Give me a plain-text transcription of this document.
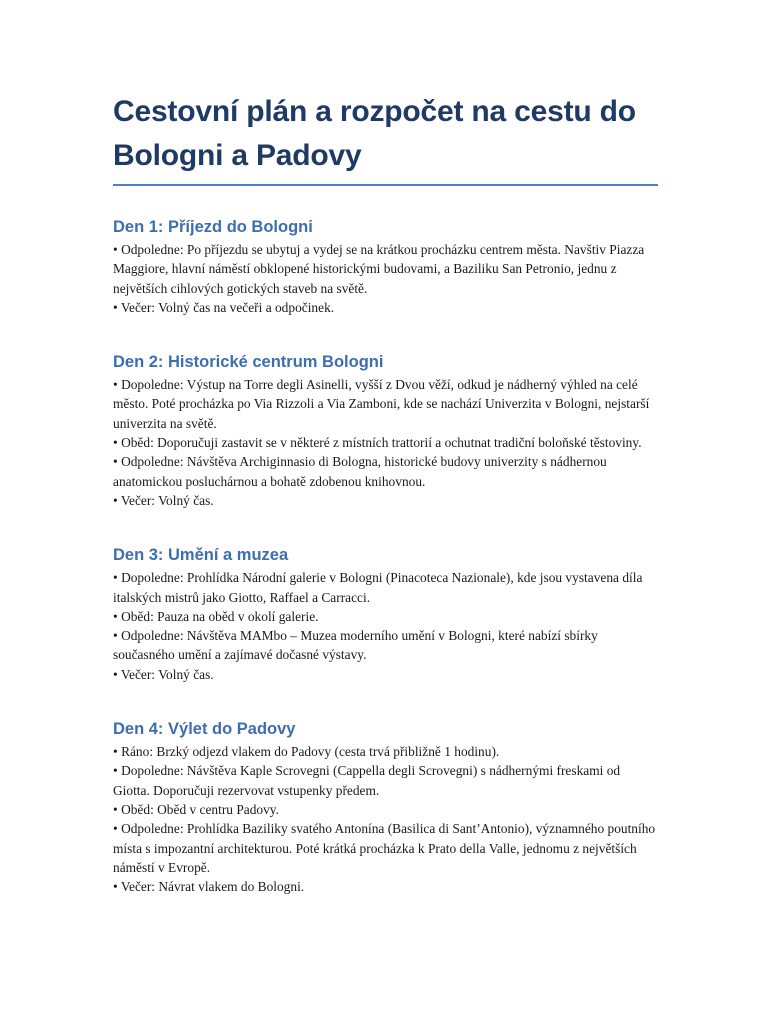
Cestovní plán a rozpočet na cestu do Bologni a Padovy
Den 1: Příjezd do Bologni
• Odpoledne: Po příjezdu se ubytuj a vydej se na krátkou procházku centrem města. Navštiv Piazza Maggiore, hlavní náměstí obklopené historickými budovami, a Baziliku San Petronio, jednu z největších cihlových gotických staveb na světě.
• Večer: Volný čas na večeři a odpočinek.
Den 2: Historické centrum Bologni
• Dopoledne: Výstup na Torre degli Asinelli, vyšší z Dvou věží, odkud je nádherný výhled na celé město. Poté procházka po Via Rizzoli a Via Zamboni, kde se nachází Univerzita v Bologni, nejstarší univerzita na světě.
• Oběd: Doporučuji zastavit se v některé z místních trattorií a ochutnat tradiční boloňské těstoviny.
• Odpoledne: Návštěva Archiginnasio di Bologna, historické budovy univerzity s nádhernou anatomickou posluchárnou a bohatě zdobenou knihovnou.
• Večer: Volný čas.
Den 3: Umění a muzea
• Dopoledne: Prohlídka Národní galerie v Bologni (Pinacoteca Nazionale), kde jsou vystavena díla italských mistrů jako Giotto, Raffael a Carracci.
• Oběd: Pauza na oběd v okolí galerie.
• Odpoledne: Návštěva MAMbo – Muzea moderního umění v Bologni, které nabízí sbírky současného umění a zajímavé dočasné výstavy.
• Večer: Volný čas.
Den 4: Výlet do Padovy
• Ráno: Brzký odjezd vlakem do Padovy (cesta trvá přibližně 1 hodinu).
• Dopoledne: Návštěva Kaple Scrovegni (Cappella degli Scrovegni) s nádhernými freskami od Giotta. Doporučuji rezervovat vstupenky předem.
• Oběd: Oběd v centru Padovy.
• Odpoledne: Prohlídka Baziliky svatého Antonína (Basilica di Sant’Antonio), významného poutního místa s impozantní architekturou. Poté krátká procházka k Prato della Valle, jednomu z největších náměstí v Evropě.
• Večer: Návrat vlakem do Bologni.
